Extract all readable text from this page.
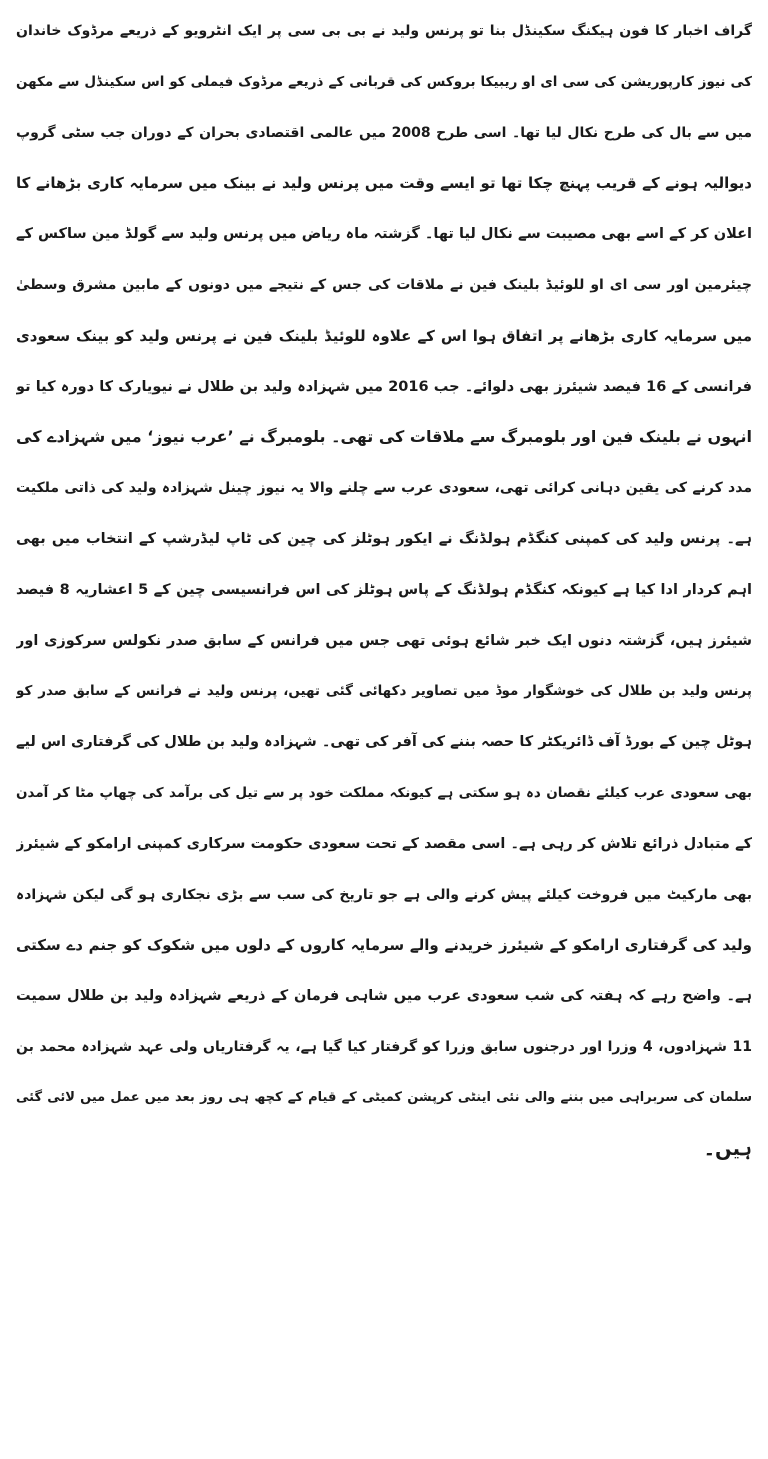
گراف اخبار کا فون ہیکنگ سکینڈل بنا تو پرنس ولید نے بی بی سی پر ایک انٹرویو کے ذریعے مرڈوک خاندان
کی نیوز کارپوریشن کی سی ای او ریبیکا بروکس کی قربانی کے ذریعے مرڈوک فیملی کو اس سکینڈل سے مکھن
میں سے بال کی طرح نکال لیا تھا۔ اسی طرح 2008 میں عالمی اقتصادی بحران کے دوران جب سٹی گروپ
دیوالیہ ہونے کے قریب پہنچ چکا تھا تو ایسے وقت میں پرنس ولید نے بینک میں سرمایہ کاری بڑھانے کا
اعلان کر کے اسے بھی مصیبت سے نکال لیا تھا۔ گزشتہ ماہ ریاض میں پرنس ولید سے گولڈ مین ساکس کے
چیئرمین اور سی ای او للوئیڈ بلینک فین نے ملاقات کی جس کے نتیجے میں دونوں کے مابین مشرق وسطیٰ
میں سرمایہ کاری بڑھانے پر اتفاق ہوا اس کے علاوہ للوئیڈ بلینک فین نے پرنس ولید کو بینک سعودی
فرانسی کے 16 فیصد شیئرز بھی دلوائے۔ جب 2016 میں شہزادہ ولید بن طلال نے نیویارک کا دورہ کیا تو
انہوں نے بلینک فین اور بلومبرگ سے ملاقات کی تھی۔ بلومبرگ نے ’عرب نیوز‘ میں شہزادے کی
مدد کرنے کی یقین دہانی کرائی تھی، سعودی عرب سے چلنے والا یہ نیوز چینل شہزادہ ولید کی ذاتی ملکیت
ہے۔ پرنس ولید کی کمپنی کنگڈم ہولڈنگ نے ایکور ہوٹلز کی چین کی ٹاپ لیڈرشپ کے انتخاب میں بھی
اہم کردار ادا کیا ہے کیونکہ کنگڈم ہولڈنگ کے پاس ہوٹلز کی اس فرانسیسی چین کے 5 اعشاریہ 8 فیصد
شیئرز ہیں، گزشتہ دنوں ایک خبر شائع ہوئی تھی جس میں فرانس کے سابق صدر نکولس سرکوزی اور
پرنس ولید بن طلال کی خوشگوار موڈ میں تصاویر دکھائی گئی تھیں، پرنس ولید نے فرانس کے سابق صدر کو
ہوٹل چین کے بورڈ آف ڈائریکٹر کا حصہ بننے کی آفر کی تھی۔ شہزادہ ولید بن طلال کی گرفتاری اس لیے
بھی سعودی عرب کیلئے نقصان دہ ہو سکتی ہے کیونکہ مملکت خود پر سے تیل کی برآمد کی چھاپ مٹا کر آمدن
کے متبادل ذرائع تلاش کر رہی ہے۔ اسی مقصد کے تحت سعودی حکومت سرکاری کمپنی ارامکو کے شیئرز
بھی مارکیٹ میں فروخت کیلئے پیش کرنے والی ہے جو تاریخ کی سب سے بڑی نجکاری ہو گی لیکن شہزادہ
ولید کی گرفتاری ارامکو کے شیئرز خریدنے والے سرمایہ کاروں کے دلوں میں شکوک کو جنم دے سکتی
ہے۔ واضح رہے کہ ہفتہ کی شب سعودی عرب میں شاہی فرمان کے ذریعے شہزادہ ولید بن طلال سمیت
11 شہزادوں، 4 وزرا اور درجنوں سابق وزرا کو گرفتار کیا گیا ہے، یہ گرفتاریاں ولی عہد شہزادہ محمد بن
سلمان کی سربراہی میں بننے والی نئی اینٹی کرپشن کمیٹی کے قیام کے کچھ ہی روز بعد میں عمل میں لائی گئی
ہیں۔
